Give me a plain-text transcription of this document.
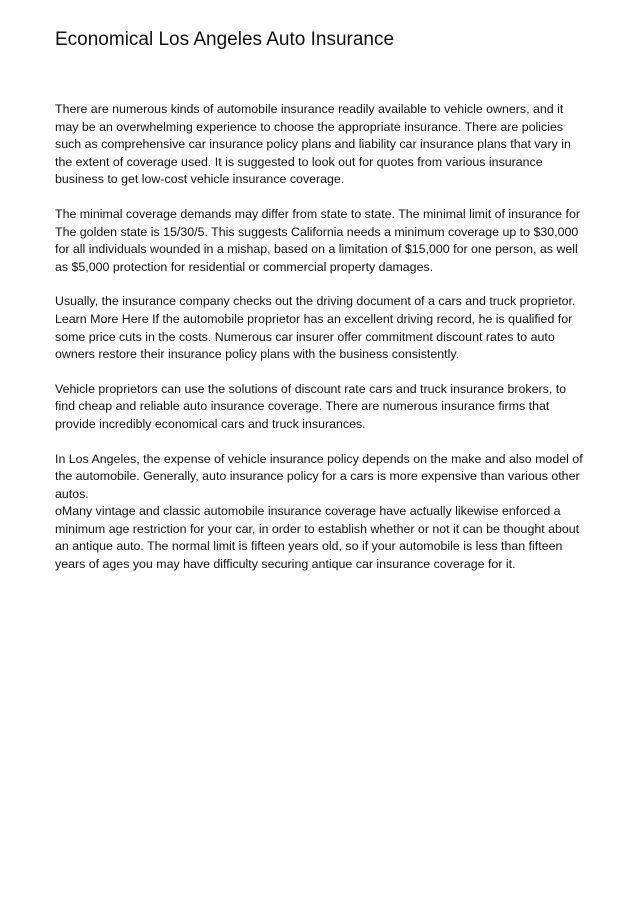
Economical Los Angeles Auto Insurance

There are numerous kinds of automobile insurance readily available to vehicle owners, and it may be an overwhelming experience to choose the appropriate insurance. There are policies such as comprehensive car insurance policy plans and liability car insurance plans that vary in the extent of coverage used. It is suggested to look out for quotes from various insurance business to get low-cost vehicle insurance coverage.

The minimal coverage demands may differ from state to state. The minimal limit of insurance for The golden state is 15/30/5. This suggests California needs a minimum coverage up to $30,000 for all individuals wounded in a mishap, based on a limitation of $15,000 for one person, as well as $5,000 protection for residential or commercial property damages.

Usually, the insurance company checks out the driving document of a cars and truck proprietor. Learn More Here If the automobile proprietor has an excellent driving record, he is qualified for some price cuts in the costs. Numerous car insurer offer commitment discount rates to auto owners restore their insurance policy plans with the business consistently.

Vehicle proprietors can use the solutions of discount rate cars and truck insurance brokers, to find cheap and reliable auto insurance coverage. There are numerous insurance firms that provide incredibly economical cars and truck insurances.

In Los Angeles, the expense of vehicle insurance policy depends on the make and also model of the automobile. Generally, auto insurance policy for a cars is more expensive than various other autos.

oMany vintage and classic automobile insurance coverage have actually likewise enforced a minimum age restriction for your car, in order to establish whether or not it can be thought about an antique auto. The normal limit is fifteen years old, so if your automobile is less than fifteen years of ages you may have difficulty securing antique car insurance coverage for it.
